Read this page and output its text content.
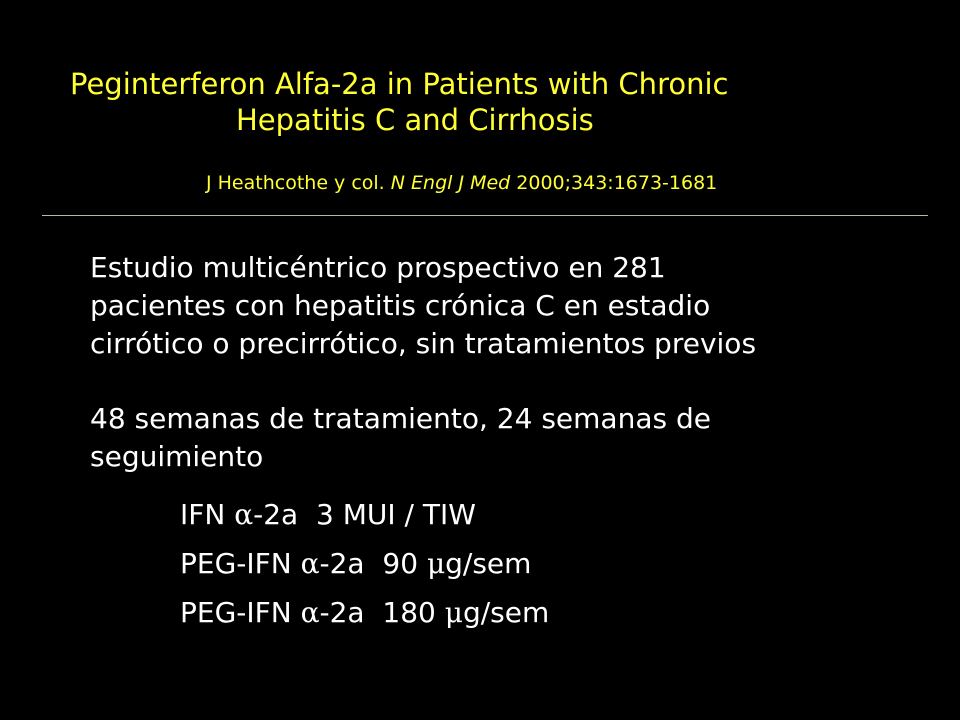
Peginterferon Alfa-2a in Patients with Chronic
Hepatitis C and Cirrhosis
J Heathcothe y col. N Engl J Med 2000;343:1673-1681
Estudio multicéntrico prospectivo en 281
pacientes con hepatitis crónica C en estadio
cirrótico o precirrótico, sin tratamientos previos
48 semanas de tratamiento, 24 semanas de
seguimiento
IFN α-2a 3 MUI / TIW
PEG-IFN α-2a 90 μg/sem
PEG-IFN α-2a 180 μg/sem
